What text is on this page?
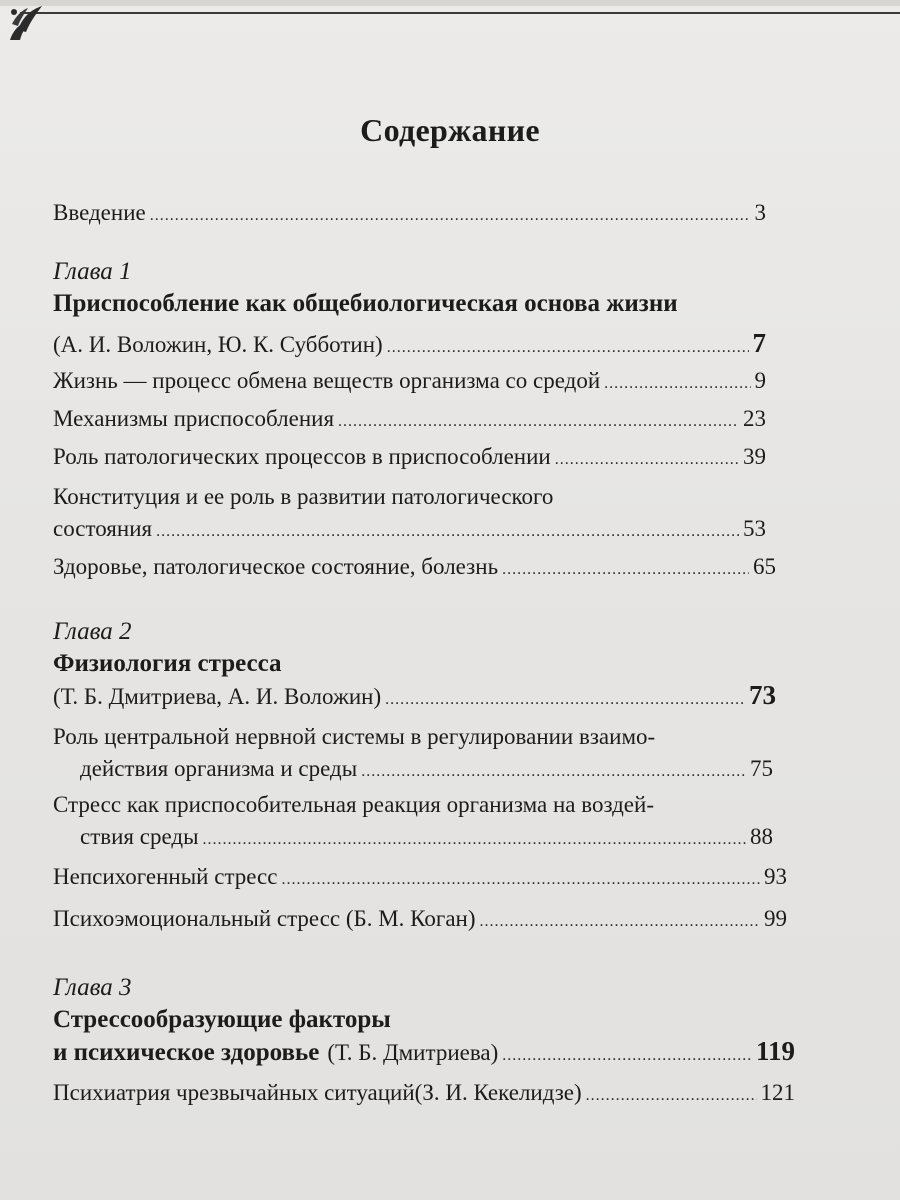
Содержание
Введение .....	3
Глава 1
Приспособление как общебиологическая основа жизни
(А. И. Воложин, Ю. К. Субботин) .....	7
Жизнь — процесс обмена веществ организма со средой .....	9
Механизмы приспособления .....	23
Роль патологических процессов в приспособлении .....	39
Конституция и ее роль в развитии патологического
состояния .....	53
Здоровье, патологическое состояние, болезнь .....	65
Глава 2
Физиология стресса
(Т. Б. Дмитриева, А. И. Воложин) .....	73
Роль центральной нервной системы в регулировании взаимо-
действия организма и среды .....	75
Стресс как приспособительная реакция организма на воздей-
ствия среды .....	88
Непсихогенный стресс .....	93
Психоэмоциональный стресс (Б. М. Коган) .....	99
Глава 3
Стрессообразующие факторы
и психическое здоровье (Т. Б. Дмитриева) .....	119
Психиатрия чрезвычайных ситуаций(З. И. Кекелидзе) .....	121
